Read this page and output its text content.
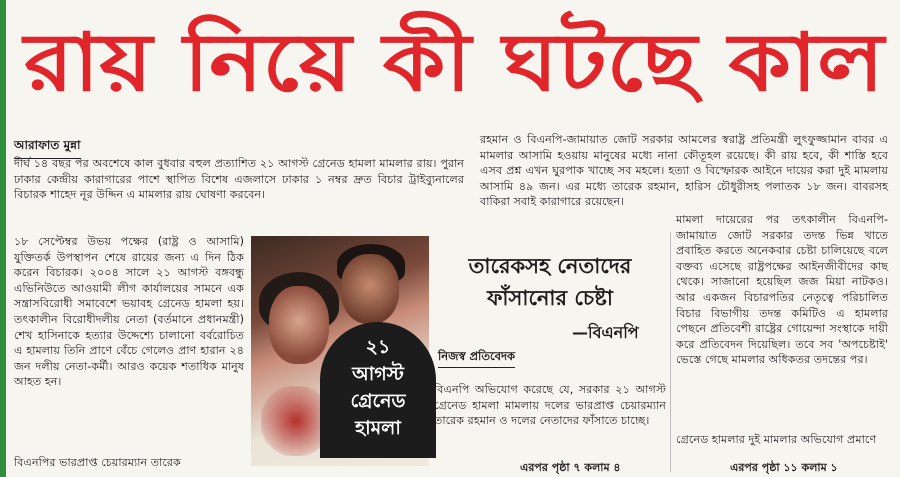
রায় নিয়ে কী ঘটছে কাল
আরাফাত মুন্না

দীর্ঘ ১৪ বছর পর অবশেষে কাল বুধবার বহুল প্রত্যাশিত ২১ আগস্ট গ্রেনেড হামলা মামলার রায়। পুরান ঢাকার কেন্দ্রীয় কারাগারের পাশে স্থাপিত বিশেষ এজলাসে ঢাকার ১ নম্বর দ্রুত বিচার ট্রাইব্যুনালের বিচারক শাহেদ নূর উদ্দিন এ মামলার রায় ঘোষণা করবেন।

১৮ সেপ্টেম্বর উভয় পক্ষের (রাষ্ট্র ও আসামি) যুক্তিতর্ক উপস্থাপন শেষে রায়ের জন্য এ দিন ঠিক করেন বিচারক। ২০০৪ সালে ২১ আগস্ট বঙ্গবন্ধু এভিনিউতে আওয়ামী লীগ কার্যালয়ের সামনে এক সন্ত্রাসবিরোধী সমাবেশে ভয়াবহ গ্রেনেড হামলা হয়। তৎকালীন বিরোধীদলীয় নেতা (বর্তমানে প্রধানমন্ত্রী) শেখ হাসিনাকে হত্যার উদ্দেশ্যে চালানো বর্বরোচিত এ হামলায় তিনি প্রাণে বেঁচে গেলেও প্রাণ হারান ২৪ জন দলীয় নেতা-কর্মী। আরও কয়েক শতাধিক মানুষ আহত হন।

বিএনপির ভারপ্রাপ্ত চেয়ারম্যান তারেক

রহমান ও বিএনপি-জামায়াত জোট সরকার আমলের স্বরাষ্ট্র প্রতিমন্ত্রী লুৎফুজ্জামান বাবর এ মামলার আসামি হওয়ায় মানুষের মধ্যে নানা কৌতূহল রয়েছে। কী রায় হবে, কী শাস্তি হবে এসব প্রশ্ন এখন ঘুরপাক খাচ্ছে সব মহলে। হত্যা ও বিস্ফোরক আইনে দায়ের করা দুই মামলায় আসামি ৪৯ জন। এর মধ্যে তারেক রহমান, হারিস চৌধুরীসহ পলাতক ১৮ জন। বাবরসহ বাকিরা সবাই কারাগারে রয়েছেন।

মামলা দায়েরের পর তৎকালীন বিএনপি-জামায়াত জোট সরকার তদন্ত ভিন্ন খাতে প্রবাহিত করতে অনেকবার চেষ্টা চালিয়েছে বলে বক্তব্য এসেছে রাষ্ট্রপক্ষের আইনজীবীদের কাছ থেকে। সাজানো হয়েছিল জজ মিয়া নাটকও। আর একজন বিচারপতির নেতৃত্বে পরিচালিত বিচার বিভাগীয় তদন্ত কমিটিও এ হামলার পেছনে প্রতিবেশী রাষ্ট্রের গোয়েন্দা সংস্থাকে দায়ী করে প্রতিবেদন দিয়েছিল। তবে সব 'অপচেষ্টাই' ভেস্তে গেছে মামলার অধিকতর তদন্তের পর।

গ্রেনেড হামলার দুই মামলার অভিযোগ প্রমাণে

এরপর পৃষ্ঠা ১১ কলাম ১
২১
আগস্ট
গ্রেনেড
হামলা
তারেকসহ নেতাদের
ফাঁসানোর চেষ্টা
—বিএনপি
নিজস্ব প্রতিবেদক

বিএনপি অভিযোগ করেছে যে, সরকার ২১ আগস্ট গ্রেনেড হামলা মামলায় দলের ভারপ্রাপ্ত চেয়ারম্যান তারেক রহমান ও দলের নেতাদের ফাঁসাতে চাচ্ছে।

এরপর পৃষ্ঠা ৭ কলাম ৪
